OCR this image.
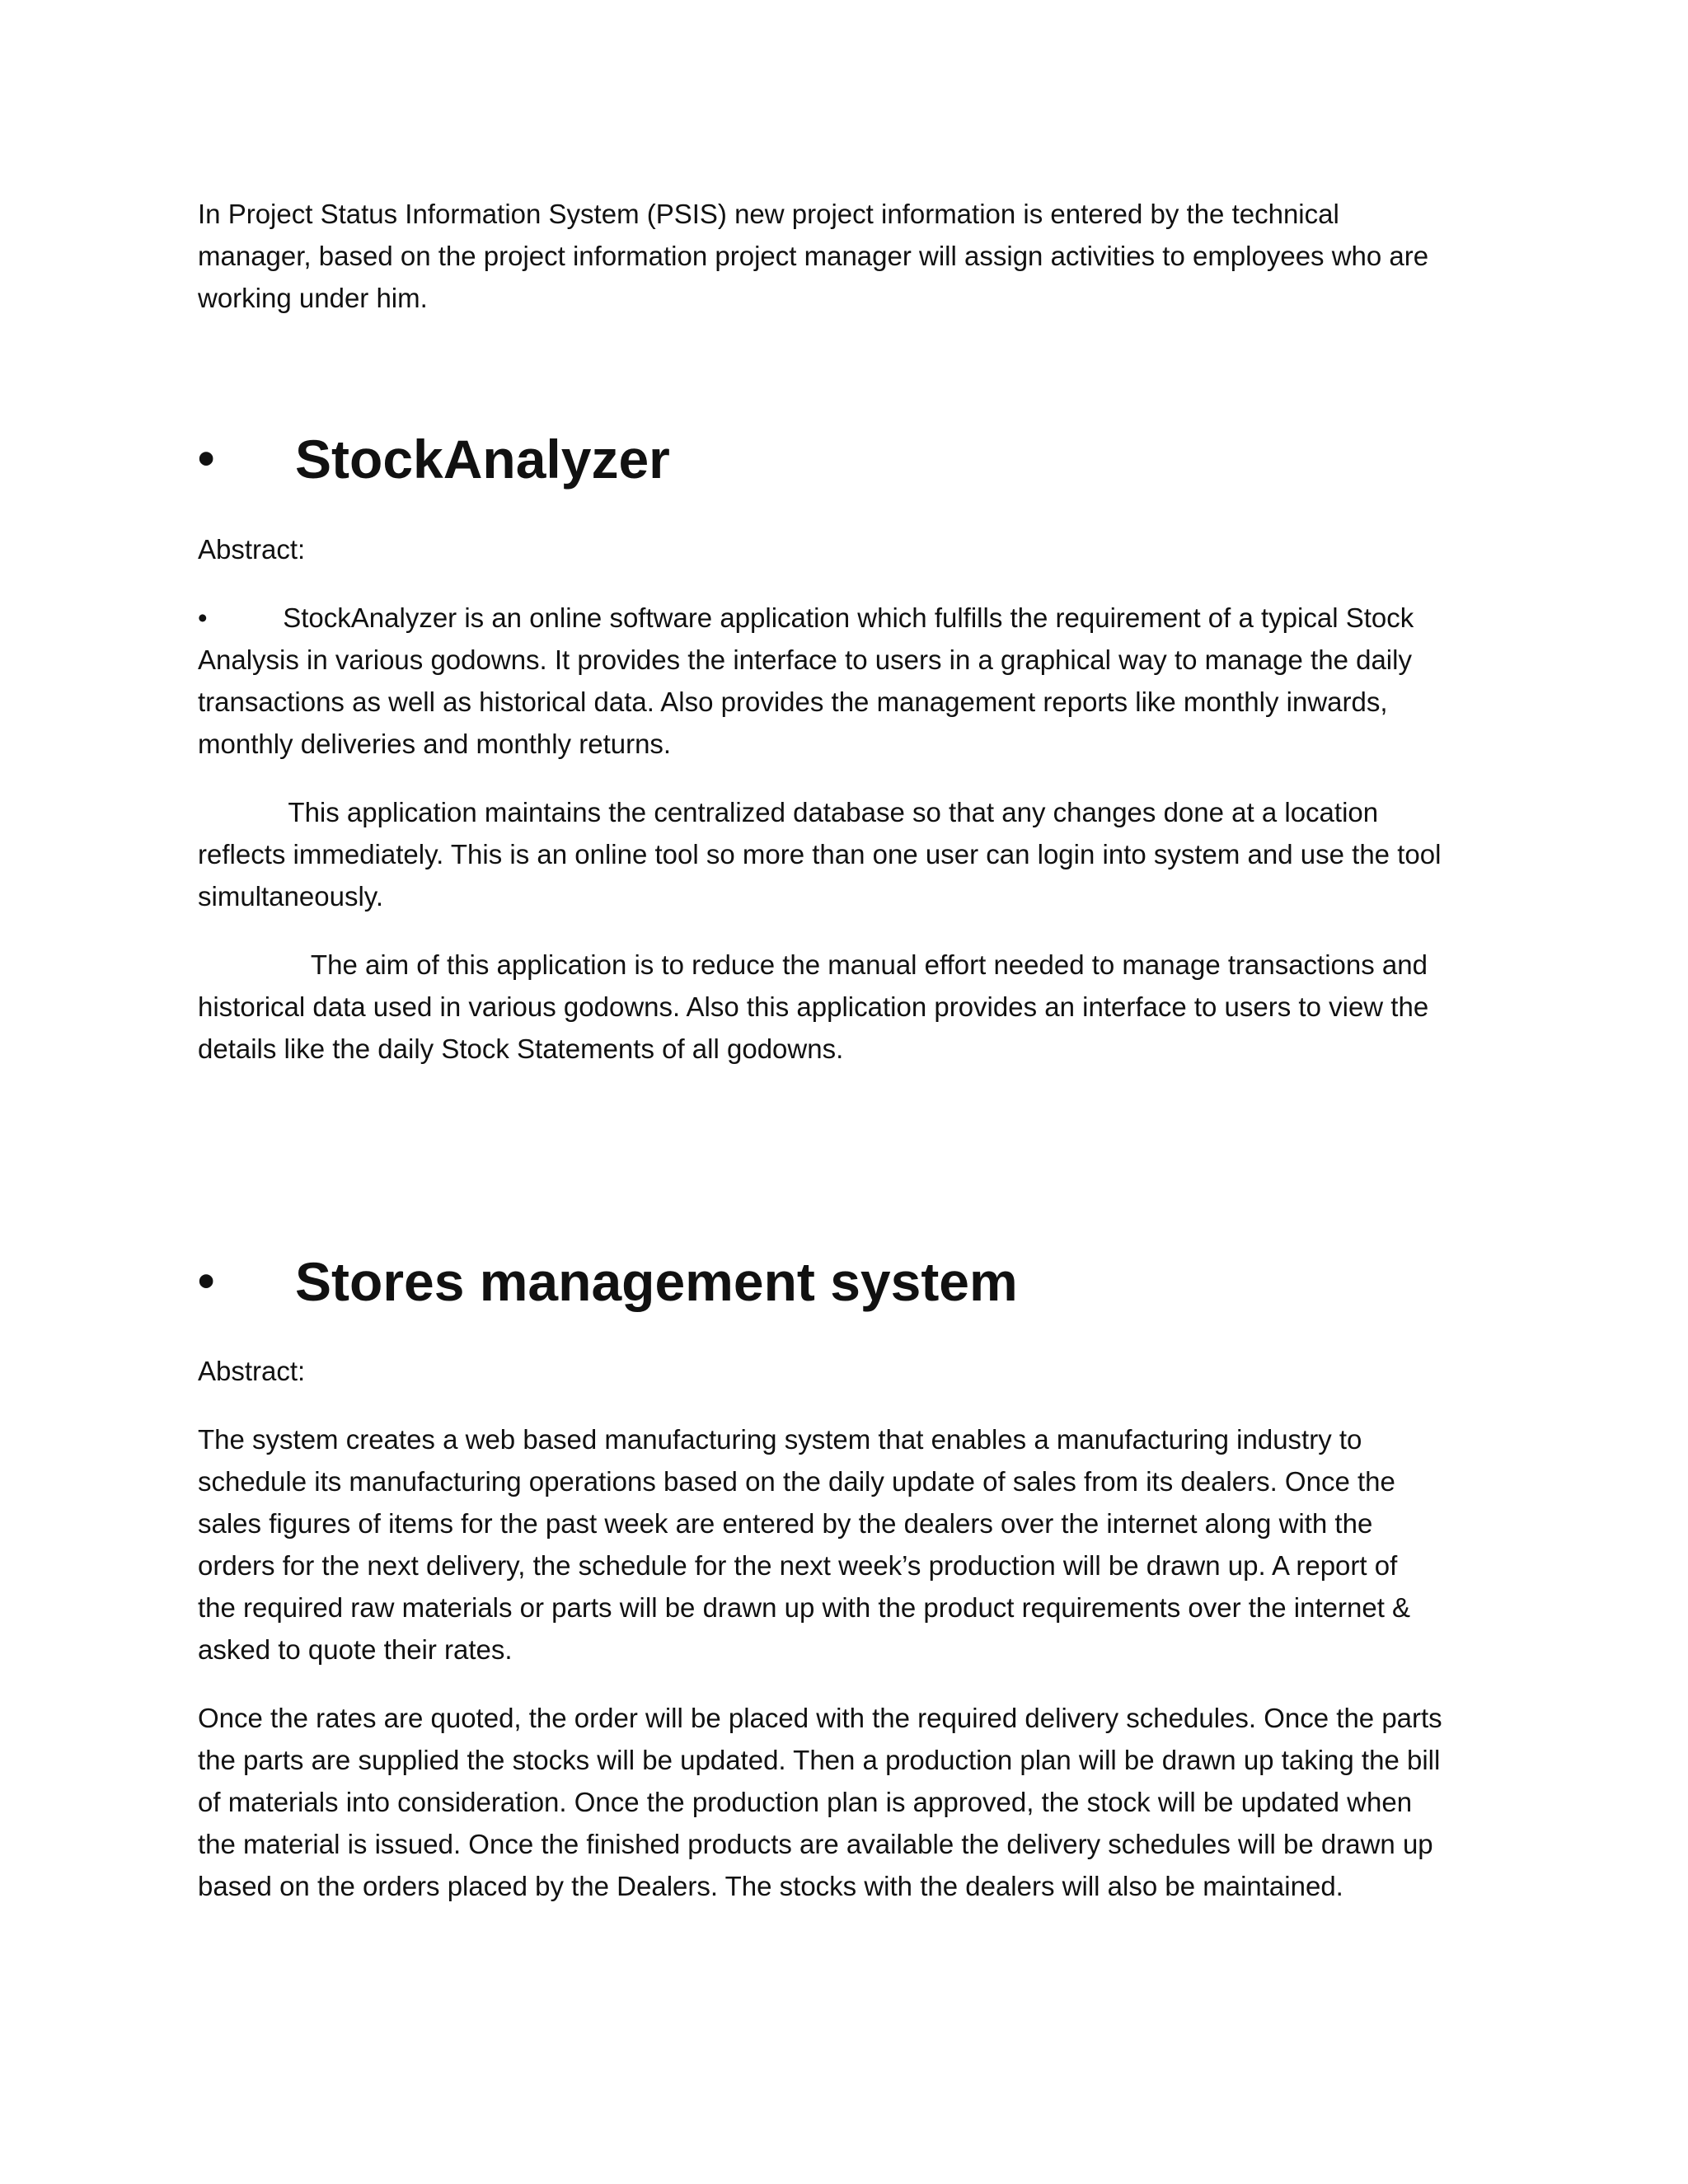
In Project Status Information System (PSIS) new project information is entered by the technical

manager, based on the project information project manager will assign activities to employees who are

working under him.

• StockAnalyzer

Abstract:

•          StockAnalyzer is an online software application which fulfills the requirement of a typical Stock

Analysis in various godowns. It provides the interface to users in a graphical way to manage the daily

transactions as well as historical data. Also provides the management reports like monthly inwards,

monthly deliveries and monthly returns.

This application maintains the centralized database so that any changes done at a location

reflects immediately. This is an online tool so more than one user can login into system and use the tool

simultaneously.

The aim of this application is to reduce the manual effort needed to manage transactions and

historical data used in various godowns. Also this application provides an interface to users to view the

details like the daily Stock Statements of all godowns.

• Stores management system

Abstract:

The system creates a web based manufacturing system that enables a manufacturing industry to

schedule its manufacturing operations based on the daily update of sales from its dealers. Once the

sales figures of items for the past week are entered by the dealers over the internet along with the

orders for the next delivery, the schedule for the next week’s production will be drawn up. A report of

the required raw materials or parts will be drawn up with the product requirements over the internet &

asked to quote their rates.

Once the rates are quoted, the order will be placed with the required delivery schedules. Once the parts

the parts are supplied the stocks will be updated. Then a production plan will be drawn up taking the bill

of materials into consideration. Once the production plan is approved, the stock will be updated when

the material is issued. Once the finished products are available the delivery schedules will be drawn up

based on the orders placed by the Dealers. The stocks with the dealers will also be maintained.
